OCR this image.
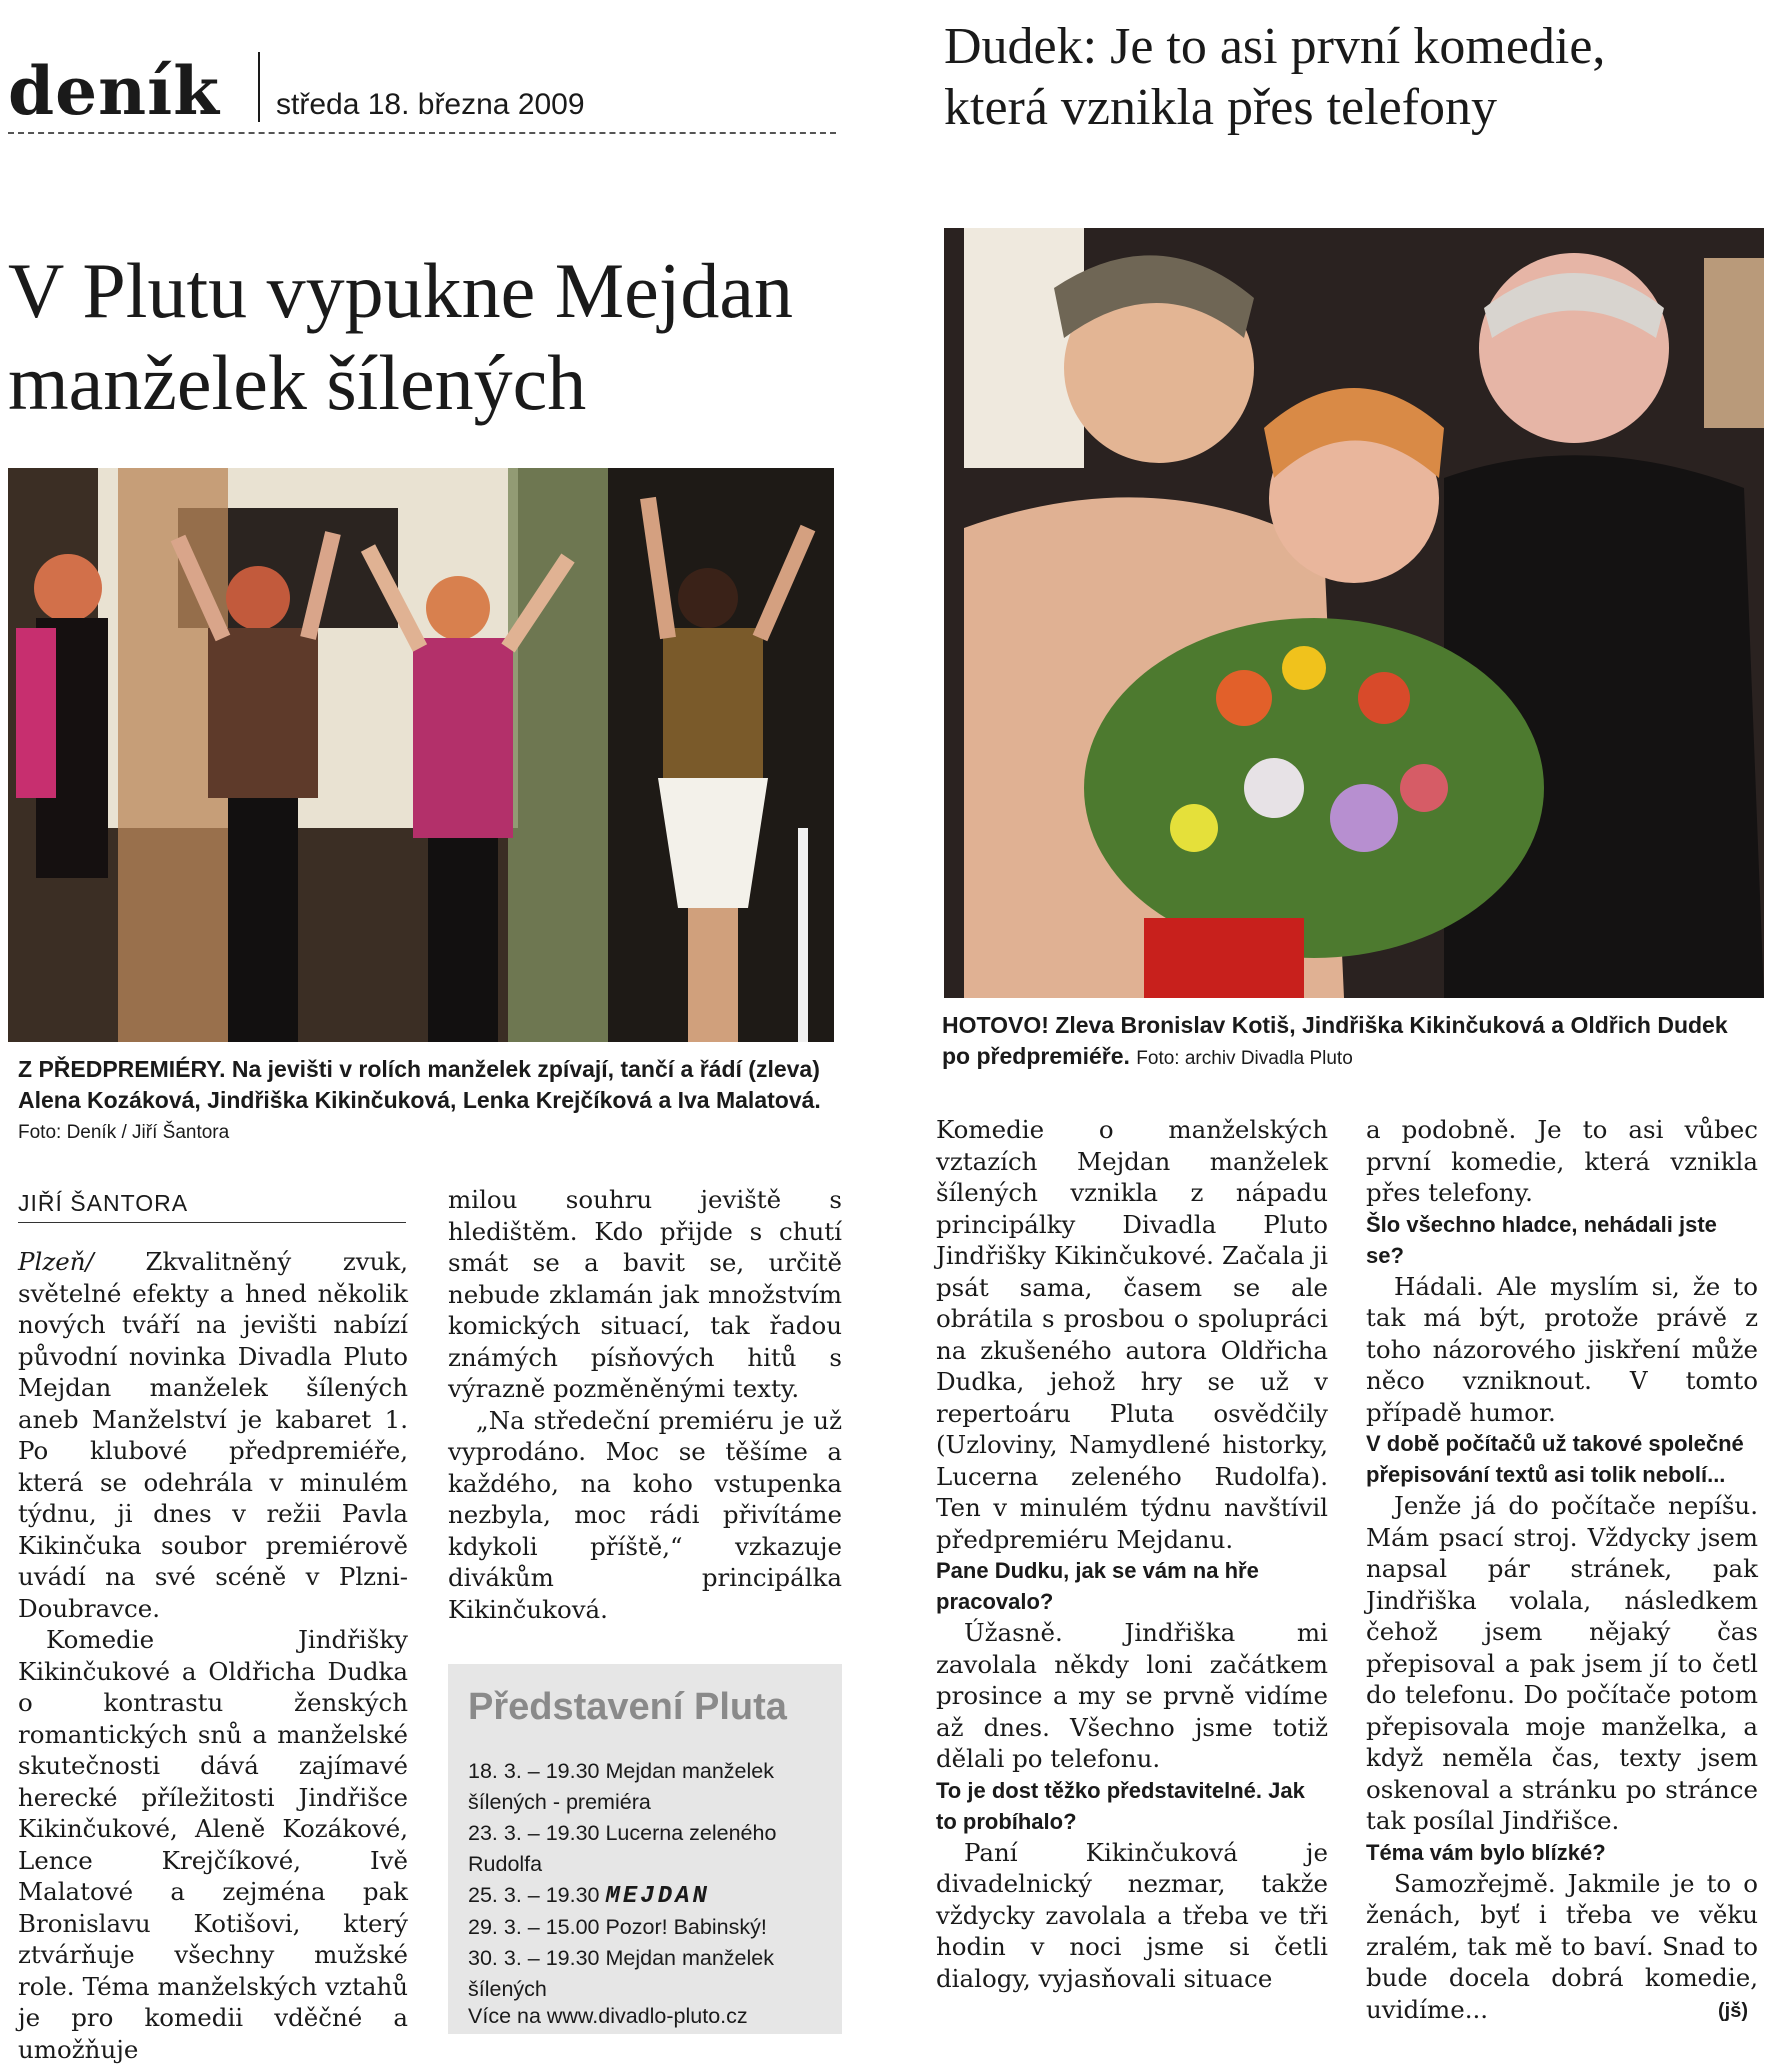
deník středa 18. března 2009
V Plutu vypukne Mejdan
manželek šílených
Dudek: Je to asi první komedie,
která vznikla přes telefony
Z PŘEDPREMIÉRY. Na jevišti v rolích manželek zpívají, tančí a řádí (zleva) Alena Kozáková, Jindřiška Kikinčuková, Lenka Krejčíková a Iva Malatová. Foto: Deník / Jiří Šantora
HOTOVO! Zleva Bronislav Kotiš, Jindřiška Kikinčuková a Oldřich Dudek po předpremiéře. Foto: archiv Divadla Pluto
JIŘÍ ŠANTORA

Plzeň/ Zkvalitněný zvuk, světelné efekty a hned několik nových tváří na jevišti nabízí původní novinka Divadla Pluto Mejdan manželek šílených aneb Manželství je kabaret 1. Po klubové předpremiéře, která se odehrála v minulém týdnu, ji dnes v režii Pavla Kikinčuka soubor premiérově uvádí na své scéně v Plzni-Doubravce.

Komedie Jindřišky Kikinčukové a Oldřicha Dudka o kontrastu ženských romantických snů a manželské skutečnosti dává zajímavé herecké příležitosti Jindřišce Kikinčukové, Aleně Kozákové, Lence Krejčíkové, Ivě Malatové a zejména pak Bronislavu Kotišovi, který ztvárňuje všechny mužské role. Téma manželských vztahů je pro komedii vděčné a umožňuje

milou souhru jeviště s hledištěm. Kdo přijde s chutí smát se a bavit se, určitě nebude zklamán jak množstvím komických situací, tak řadou známých písňových hitů s výrazně pozměněnými texty.

„Na středeční premiéru je už vyprodáno. Moc se těšíme a každého, na koho vstupenka nezbyla, moc rádi přivítáme kdykoli příště,“ vzkazuje divákům principálka Kikinčuková.

Představení Pluta
18. 3. – 19.30 Mejdan manželek
šílených - premiéra
23. 3. – 19.30 Lucerna zeleného
Rudolfa
25. 3. – 19.30 MEJDAN
29. 3. – 15.00 Pozor! Babinský!
30. 3. – 19.30 Mejdan manželek
šílených
Více na www.divadlo-pluto.cz

Komedie o manželských vztazích Mejdan manželek šílených vznikla z nápadu principálky Divadla Pluto Jindřišky Kikinčukové. Začala ji psát sama, časem se ale obrátila s prosbou o spolupráci na zkušeného autora Oldřicha Dudka, jehož hry se už v repertoáru Pluta osvědčily (Uzloviny, Namydlené historky, Lucerna zeleného Rudolfa). Ten v minulém týdnu navštívil předpremiéru Mejdanu.

Pane Dudku, jak se vám na hře pracovalo?

Úžasně. Jindřiška mi zavolala někdy loni začátkem prosince a my se prvně vidíme až dnes. Všechno jsme totiž dělali po telefonu.

To je dost těžko představitelné. Jak to probíhalo?

Paní Kikinčuková je divadelnický nezmar, takže vždycky zavolala a třeba ve tři hodin v noci jsme si četli dialogy, vyjasňovali situace

a podobně. Je to asi vůbec první komedie, která vznikla přes telefony.

Šlo všechno hladce, nehádali jste se?

Hádali. Ale myslím si, že to tak má být, protože právě z toho názorového jiskření může něco vzniknout. V tomto případě humor.

V době počítačů už takové společné přepisování textů asi tolik nebolí...

Jenže já do počítače nepíšu. Mám psací stroj. Vždycky jsem napsal pár stránek, pak Jindřiška volala, následkem čehož jsem nějaký čas přepisoval a pak jsem jí to četl do telefonu. Do počítače potom přepisovala moje manželka, a když neměla čas, texty jsem oskenoval a stránku po stránce tak posílal Jindřišce.

Téma vám bylo blízké?

Samozřejmě. Jakmile je to o ženách, byť i třeba ve věku zralém, tak mě to baví. Snad to bude docela dobrá komedie, uvidíme...	(jš)
